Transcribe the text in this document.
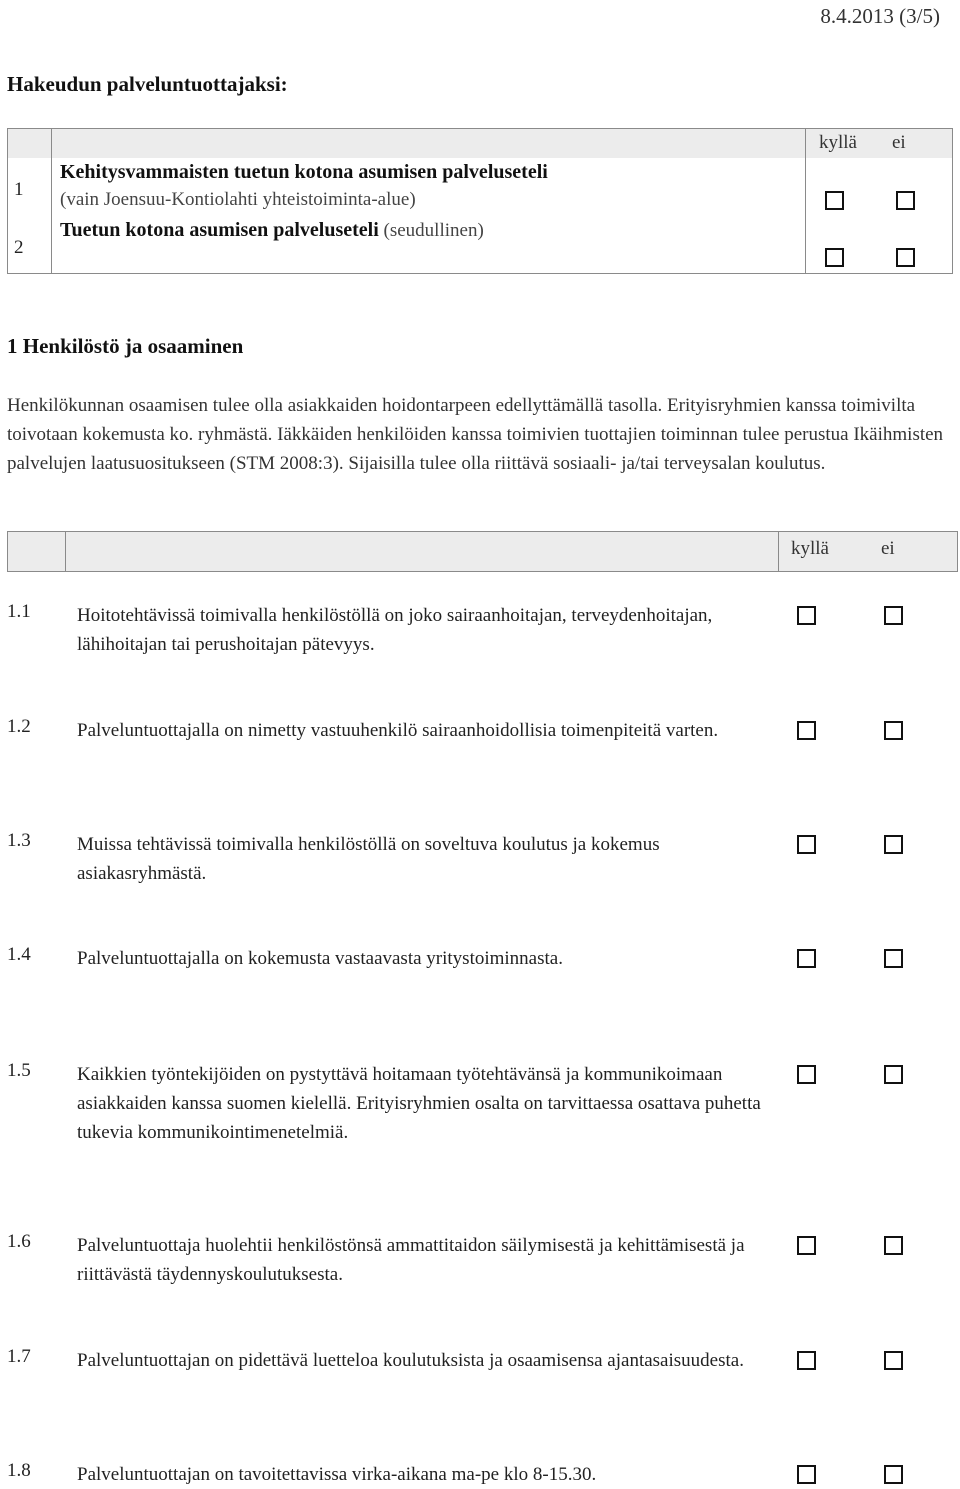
8.4.2013 (3/5)
Hakeudun palveluntuottajaksi:
1
2
kyllä ei
Kehitysvammaisten tuetun kotona asumisen palveluseteli
(vain Joensuu-Kontiolahti yhteistoiminta-alue)
Tuetun kotona asumisen palveluseteli (seudullinen)
1 Henkilöstö ja osaaminen
Henkilökunnan osaamisen tulee olla asiakkaiden hoidontarpeen edellyttämällä tasolla. Erityisryhmien kanssa toimivilta toivotaan kokemusta ko. ryhmästä. Iäkkäiden henkilöiden kanssa toimivien tuottajien toiminnan tulee perustua Ikäihmisten palvelujen laatusuositukseen (STM 2008:3). Sijaisilla tulee olla riittävä sosiaali- ja/tai terveysalan koulutus.
kyllä	ei
1.1 Hoitotehtävissä toimivalla henkilöstöllä on joko sairaanhoitajan, terveydenhoitajan, lähihoitajan tai perushoitajan pätevyys.
1.2 Palveluntuottajalla on nimetty vastuuhenkilö sairaanhoidollisia toimenpiteitä varten.
1.3 Muissa tehtävissä toimivalla henkilöstöllä on soveltuva koulutus ja kokemus asiakasryhmästä.
1.4 Palveluntuottajalla on kokemusta vastaavasta yritystoiminnasta.
1.5 Kaikkien työntekijöiden on pystyttävä hoitamaan työtehtävänsä ja kommunikoimaan asiakkaiden kanssa suomen kielellä. Erityisryhmien osalta on tarvittaessa osattava puhetta tukevia kommunikointimenetelmiä.
1.6 Palveluntuottaja huolehtii henkilöstönsä ammattitaidon säilymisestä ja kehittämisestä ja riittävästä täydennyskoulutuksesta.
1.7 Palveluntuottajan on pidettävä luetteloa koulutuksista ja osaamisensa ajantasaisuudesta.
1.8 Palveluntuottajan on tavoitettavissa virka-aikana ma-pe klo 8-15.30.
